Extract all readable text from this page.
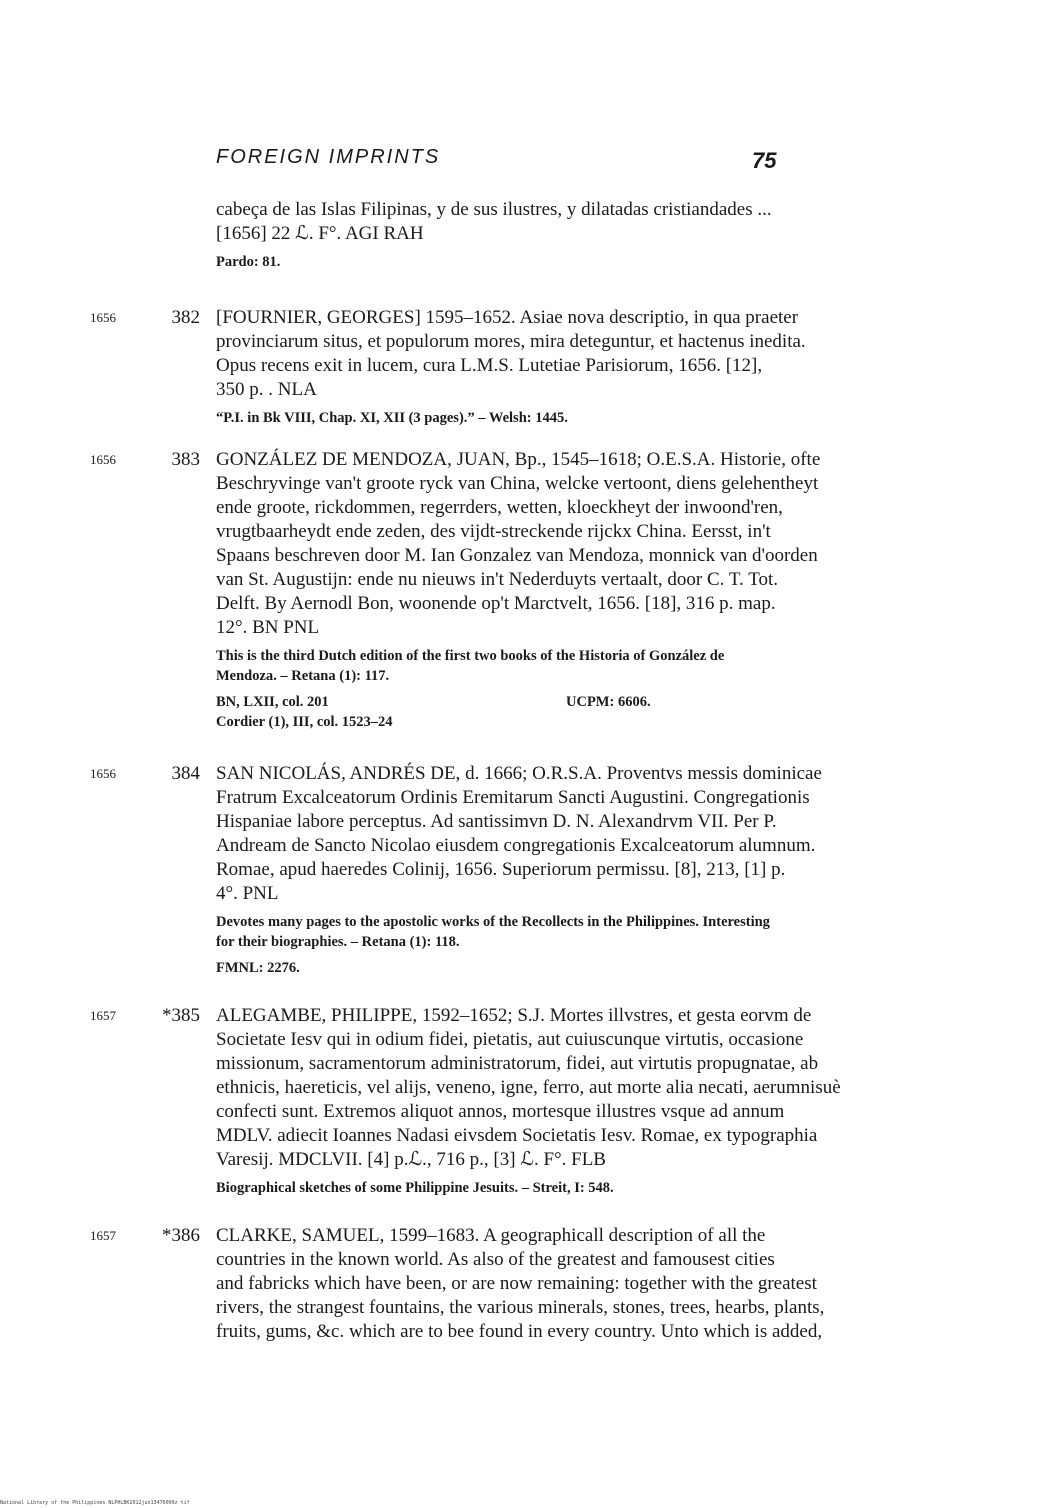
FOREIGN IMPRINTS	75
cabeça de las Islas Filipinas, y de sus ilustres, y dilatadas cristiandades ...
[1656] 22 ℒ. F°. AGI RAH
Pardo: 81.
1656	382 [FOURNIER, GEORGES] 1595–1652. Asiae nova descriptio, in qua praeter
provinciarum situs, et populorum mores, mira deteguntur, et hactenus inedita.
Opus recens exit in lucem, cura L.M.S. Lutetiae Parisiorum, 1656. [12],
350 p. . NLA
“P.I. in Bk VIII, Chap. XI, XII (3 pages).” – Welsh: 1445.
1656	383 GONZÁLEZ DE MENDOZA, JUAN, Bp., 1545–1618; O.E.S.A. Historie, ofte
Beschryvinge van't groote ryck van China, welcke vertoont, diens gelehentheyt
ende groote, rickdommen, regerrders, wetten, kloeckheyt der inwoond'ren,
vrugtbaarheydt ende zeden, des vijdt-streckende rijckx China. Eersst, in't
Spaans beschreven door M. Ian Gonzalez van Mendoza, monnick van d'oorden
van St. Augustijn: ende nu nieuws in't Nederduyts vertaalt, door C. T. Tot.
Delft. By Aernodl Bon, woonende op't Marctvelt, 1656. [18], 316 p. map.
12°. BN PNL
This is the third Dutch edition of the first two books of the Historia of González de
Mendoza. – Retana (1): 117.
BN, LXII, col. 201
Cordier (1), III, col. 1523–24
UCPM: 6606.
1656	384 SAN NICOLÁS, ANDRÉS DE, d. 1666; O.R.S.A. Proventvs messis dominicae
Fratrum Excalceatorum Ordinis Eremitarum Sancti Augustini. Congregationis
Hispaniae labore perceptus. Ad santissimvn D. N. Alexandrvm VII. Per P.
Andream de Sancto Nicolao eiusdem congregationis Excalceatorum alumnum.
Romae, apud haeredes Colinij, 1656. Superiorum permissu. [8], 213, [1] p.
4°. PNL
Devotes many pages to the apostolic works of the Recollects in the Philippines. Interesting
for their biographies. – Retana (1): 118.
FMNL: 2276.
1657	*385 ALEGAMBE, PHILIPPE, 1592–1652; S.J. Mortes illvstres, et gesta eorvm de
Societate Iesv qui in odium fidei, pietatis, aut cuiuscunque virtutis, occasione
missionum, sacramentorum administratorum, fidei, aut virtutis propugnatae, ab
ethnicis, haereticis, vel alijs, veneno, igne, ferro, aut morte alia necati, aerumnisuè
confecti sunt. Extremos aliquot annos, mortesque illustres vsque ad annum
MDLV. adiecit Ioannes Nadasi eivsdem Societatis Iesv. Romae, ex typographia
Varesij. MDCLVII. [4] p.ℒ., 716 p., [3] ℒ. F°. FLB
Biographical sketches of some Philippine Jesuits. – Streit, I: 548.
1657	*386 CLARKE, SAMUEL, 1599–1683. A geographicall description of all the
countries in the known world. As also of the greatest and famousest cities
and fabricks which have been, or are now remaining: together with the greatest
rivers, the strangest fountains, the various minerals, stones, trees, hearbs, plants,
fruits, gums, &c. which are to bee found in every country. Unto which is added,
National Library of the Philippines NLPHLBK2012jun13476009z tif
